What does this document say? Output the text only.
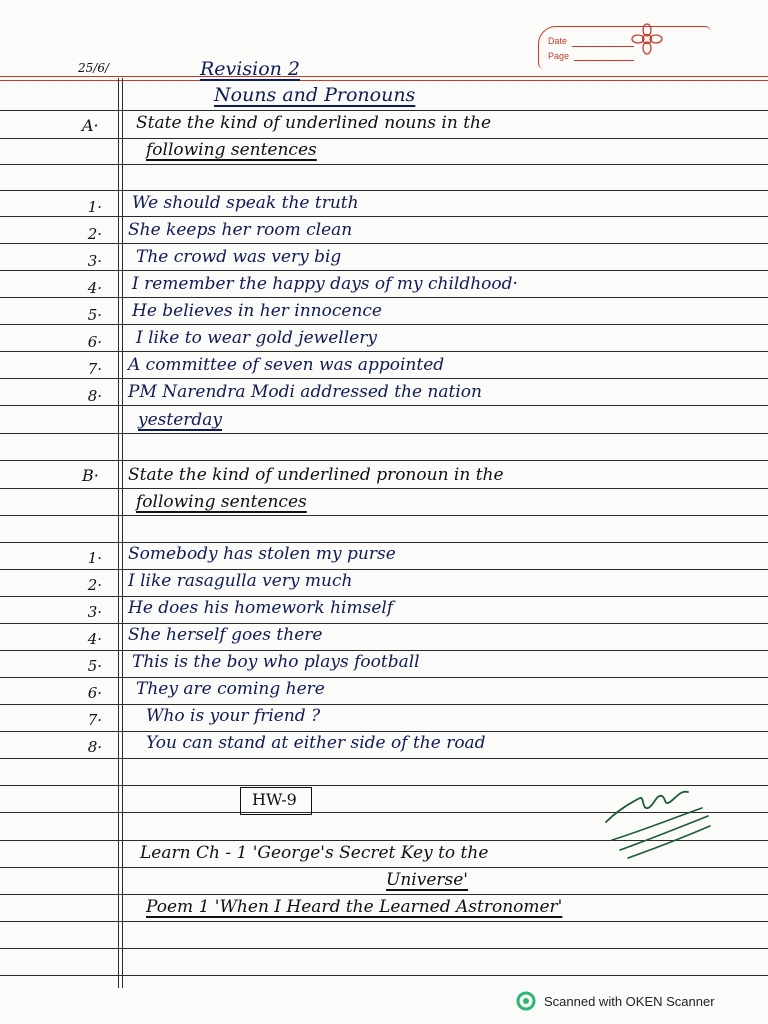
Date
Page
25/6/	Revision 2
Nouns and Pronouns
A· State the kind of underlined nouns in the
following sentences
1· We should speak the truth
2· She keeps her room clean
3· The crowd was very big
4· I remember the happy days of my childhood·
5· He believes in her innocence
6· I like to wear gold jewellery
7· A committee of seven was appointed
8· PM Narendra Modi addressed the nation
yesterday
B· State the kind of underlined pronoun in the
following sentences
1· Somebody has stolen my purse
2· I like rasagulla very much
3· He does his homework himself
4· She herself goes there
5· This is the boy who plays football
6· They are coming here
7·	Who is your friend ?
8·	You can stand at either side of the road
HW-9
Learn Ch - 1 'George's Secret Key to the
Universe'
Poem 1 'When I Heard the Learned Astronomer'
Scanned with OKEN Scanner
